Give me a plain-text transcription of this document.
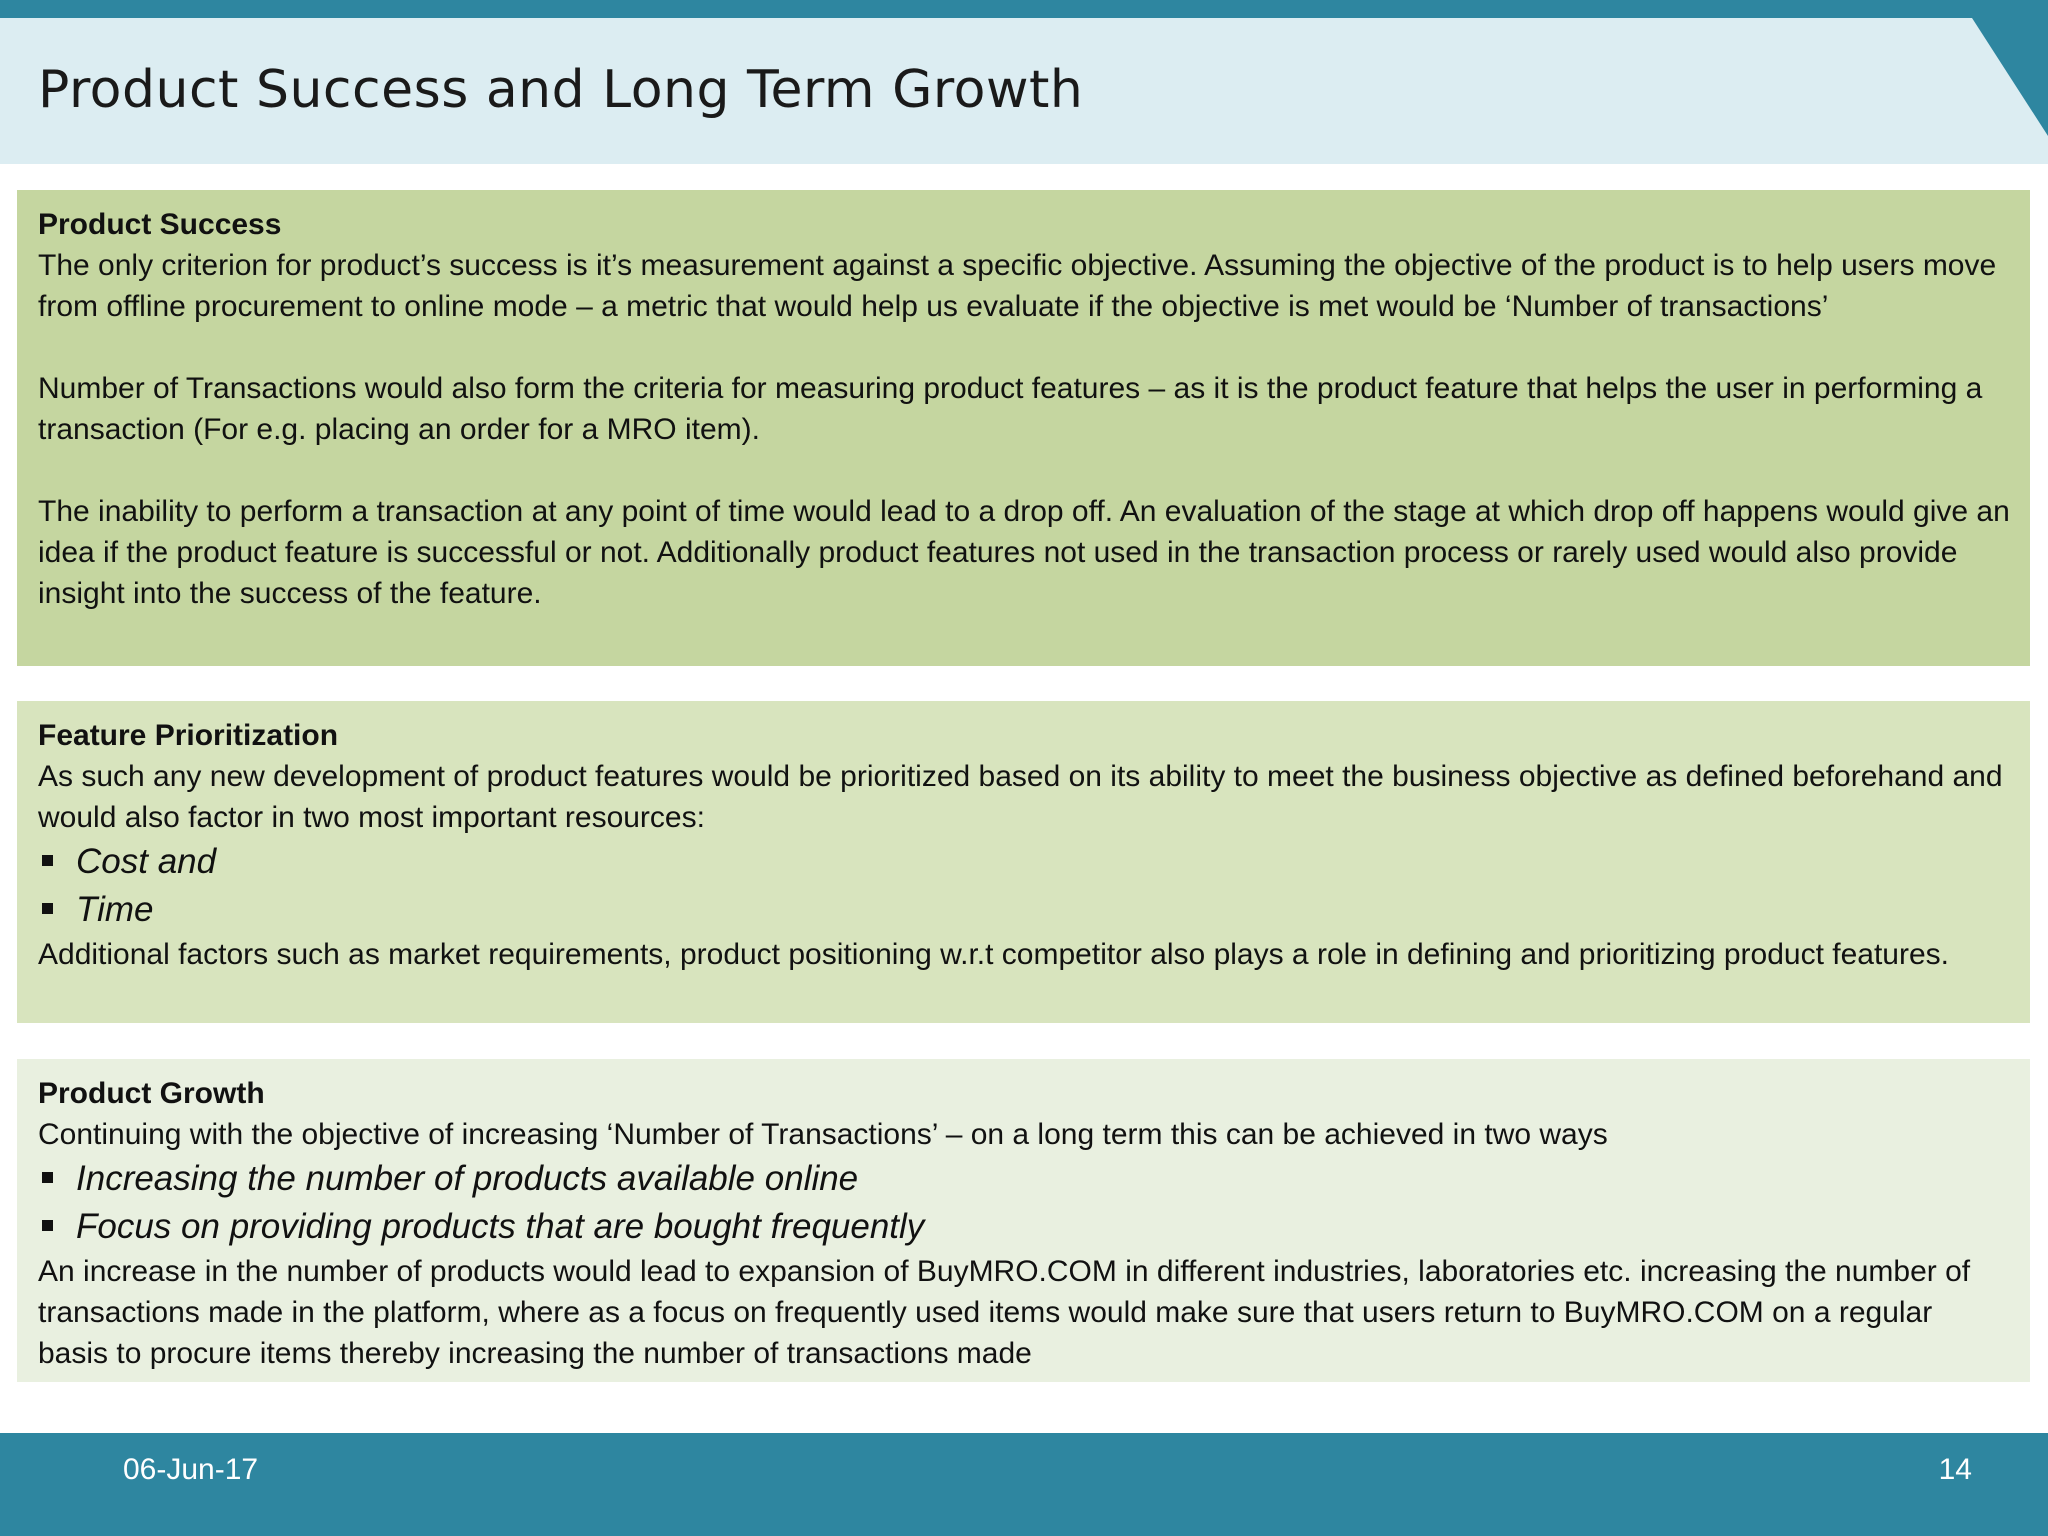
Product Success and Long Term Growth

Product Success

The only criterion for product’s success is it’s measurement against a specific objective. Assuming the objective of the product is to help users move from offline procurement to online mode – a metric that would help us evaluate if the objective is met would be ‘Number of transactions’

Number of Transactions would also form the criteria for measuring product features – as it is the product feature that helps the user in performing a transaction (For e.g. placing an order for a MRO item).

The inability to perform a transaction at any point of time would lead to a drop off. An evaluation of the stage at which drop off happens would give an idea if the product feature is successful or not. Additionally product features not used in the transaction process or rarely used would also provide insight into the success of the feature.

Feature Prioritization

As such any new development of product features would be prioritized based on its ability to meet the business objective as defined beforehand and would also factor in two most important resources:

Cost and
Time

Additional factors such as market requirements, product positioning w.r.t competitor also plays a role in defining and prioritizing product features.

Product Growth

Continuing with the objective of increasing ‘Number of Transactions’ – on a long term this can be achieved in two ways

Increasing the number of products available online
Focus on providing products that are bought frequently

An increase in the number of products would lead to expansion of BuyMRO.COM in different industries, laboratories etc. increasing the number of transactions made in the platform, where as a focus on frequently used items would make sure that users return to BuyMRO.COM on a regular basis to procure items thereby increasing the number of transactions made

06-Jun-17	14
